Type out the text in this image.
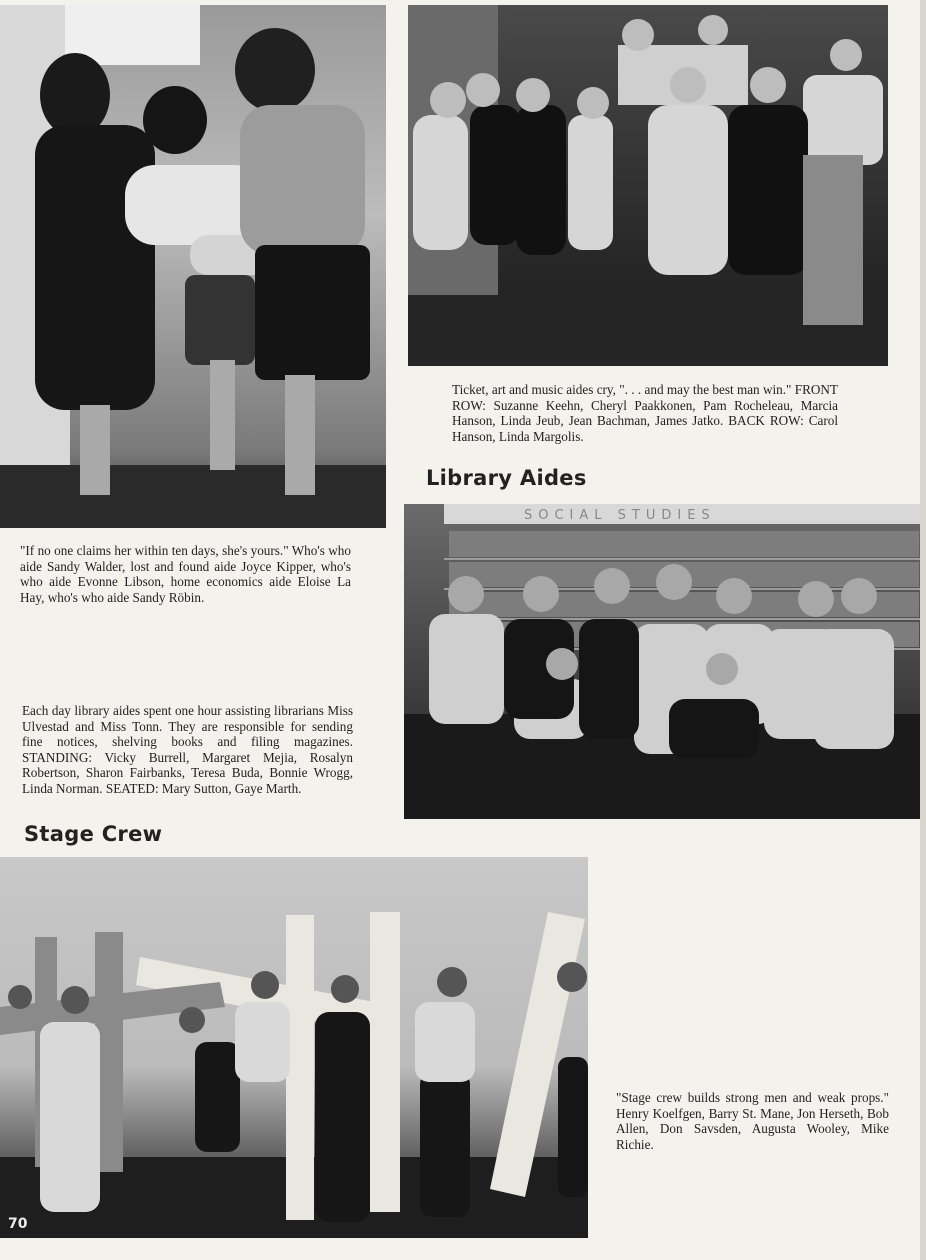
Ticket, art and music aides cry, ". . . and may the best man win." FRONT ROW: Suzanne Keehn, Cheryl Paakkonen, Pam Rocheleau, Marcia Hanson, Linda Jeub, Jean Bachman, James Jatko. BACK ROW: Carol Hanson, Linda Margolis.

Library Aides

"If no one claims her within ten days, she's yours." Who's who aide Sandy Walder, lost and found aide Joyce Kipper, who's who aide Evonne Libson, home economics aide Eloise La Hay, who's who aide Sandy Röbin.

SOCIAL STUDIES

Each day library aides spent one hour assisting librarians Miss Ulvestad and Miss Tonn. They are responsible for sending fine notices, shelving books and filing magazines. STANDING: Vicky Burrell, Margaret Mejia, Rosalyn Robertson, Sharon Fairbanks, Teresa Buda, Bonnie Wrogg, Linda Norman. SEATED: Mary Sutton, Gaye Marth.

Stage Crew

"Stage crew builds strong men and weak props." Henry Koelfgen, Barry St. Mane, Jon Herseth, Bob Allen, Don Savsden, Augusta Wooley, Mike Richie.

70
